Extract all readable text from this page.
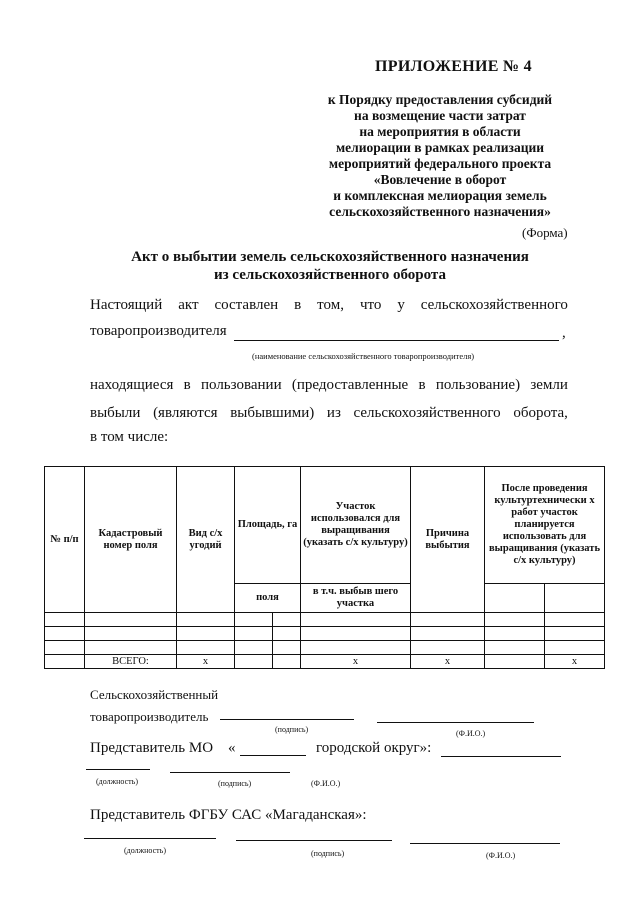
ПРИЛОЖЕНИЕ № 4
к Порядку предоставления субсидий
на возмещение части затрат
на мероприятия в области
мелиорации в рамках реализации
мероприятий федерального проекта
«Вовлечение в оборот
и комплексная мелиорация земель
сельскохозяйственного назначения»
(Форма)
Акт о выбытии земель сельскохозяйственного назначения
из сельскохозяйственного оборота
Настоящий акт составлен в том, что у сельскохозяйственного
товаропроизводителя	,
(наименование сельскохозяйственного товаропроизводителя)
находящиеся в пользовании (предоставленные в пользование) земли
выбыли (являются выбывшими) из сельскохозяйственного оборота,
в том числе:
№ п/п	Кадастровый номер поля	Вид с/х угодий	Площадь, га		Участок использовался для выращивания (указать с/х культуру)	Причина выбытия	После проведения культуртехнически х работ участок планируется использовать для выращивания (указать с/х культуру)	
			поля		в т.ч. выбыв шего участка			

	ВСЕГО:	х			х	х		х
Сельскохозяйственный
товаропроизводитель
(подпись)	(Ф.И.О.)
Представитель МО «	городской округ»:
(должность)	(подпись)	(Ф.И.О.)
Представитель ФГБУ САС «Магаданская»:
(должность)	(подпись)	(Ф.И.О.)
